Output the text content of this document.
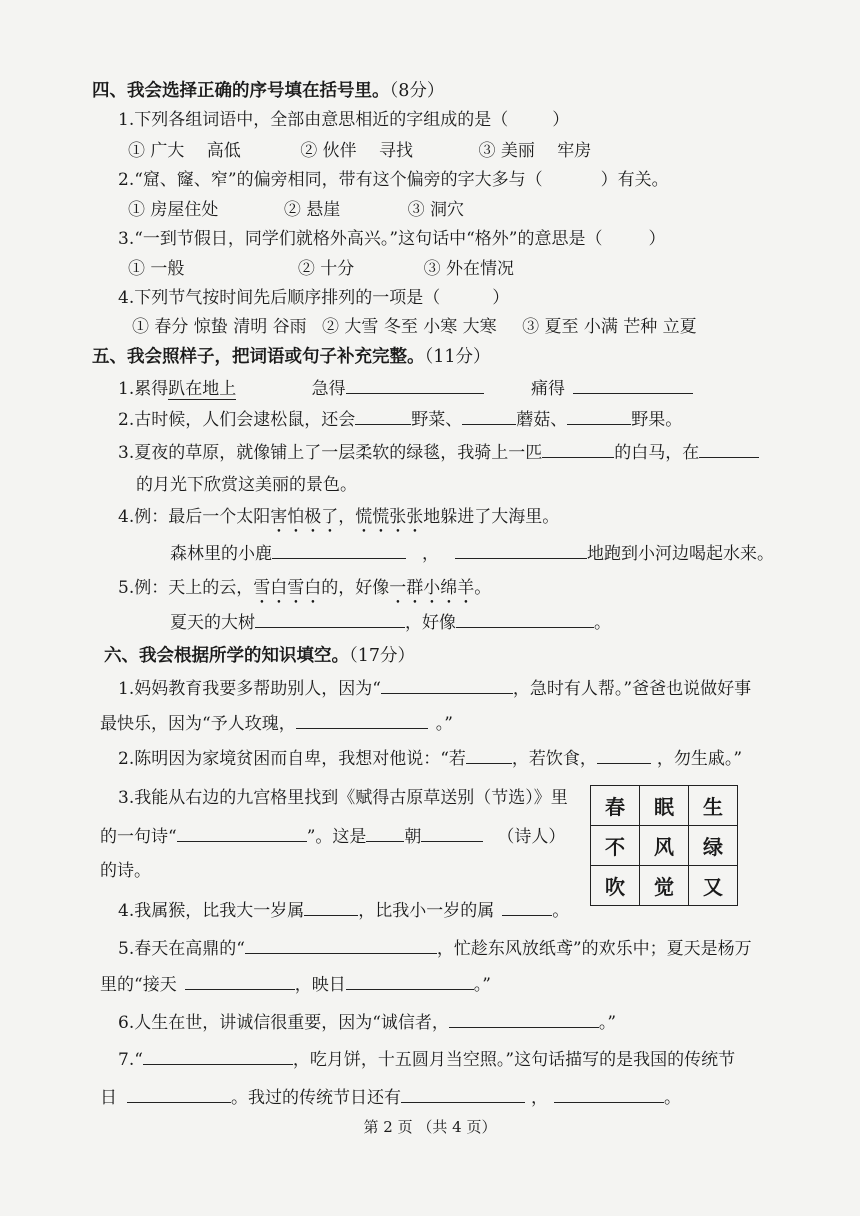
四、我会选择正确的序号填在括号里。（8分）
1.下列各组词语中，全部由意思相近的字组成的是（	）
① 广大　 高低	② 伙伴　 寻找	③ 美丽　 牢房
2.“窟、窿、窄”的偏旁相同，带有这个偏旁的字大多与（	）有关。
① 房屋住处	② 悬崖	③ 洞穴
3.“一到节假日，同学们就格外高兴。”这句话中“格外”的意思是（	）
① 一般	② 十分	③ 外在情况
4.下列节气按时间先后顺序排列的一项是（	）
① 春分 惊蛰 清明 谷雨 ② 大雪 冬至 小寒 大寒 ③ 夏至 小满 芒种 立夏
五、我会照样子，把词语或句子补充完整。（11分）
1.累得趴在地上	急得	痛得
2.古时候，人们会逮松鼠，还会	野菜、	蘑菇、	野果。
3.夏夜的草原，就像铺上了一层柔软的绿毯，我骑上一匹	的白马，在
的月光下欣赏这美丽的景色。
4.例：最后一个太阳害怕极了，慌慌张张地躲进了大海里。
森林里的小鹿	，	地跑到小河边喝起水来。
5.例：天上的云，雪白雪白的，好像一群小绵羊。
夏天的大树	，好像	。
六、我会根据所学的知识填空。（17分）
1.妈妈教育我要多帮助别人，因为“	，急时有人帮。”爸爸也说做好事
最快乐，因为“予人玫瑰，	。”
2.陈明因为家境贫困而自卑，我想对他说：“若	，若饮食，	，勿生戚。”
3.我能从右边的九宫格里找到《赋得古原草送别（节选）》里
的一句诗“	”。这是 朝	（诗人）
的诗。
春	眠	生
不	风	绿
吹	觉	又
4.我属猴，比我大一岁属	，比我小一岁的属	。
5.春天在高鼎的“	，忙趁东风放纸鸢”的欢乐中；夏天是杨万
里的“接天	，映日	。”
6.人生在世，讲诚信很重要，因为“诚信者，	。”
7.“	，吃月饼，十五圆月当空照。”这句话描写的是我国的传统节
日	。我过的传统节日还有	，	。
第 2 页 （共 4 页）
